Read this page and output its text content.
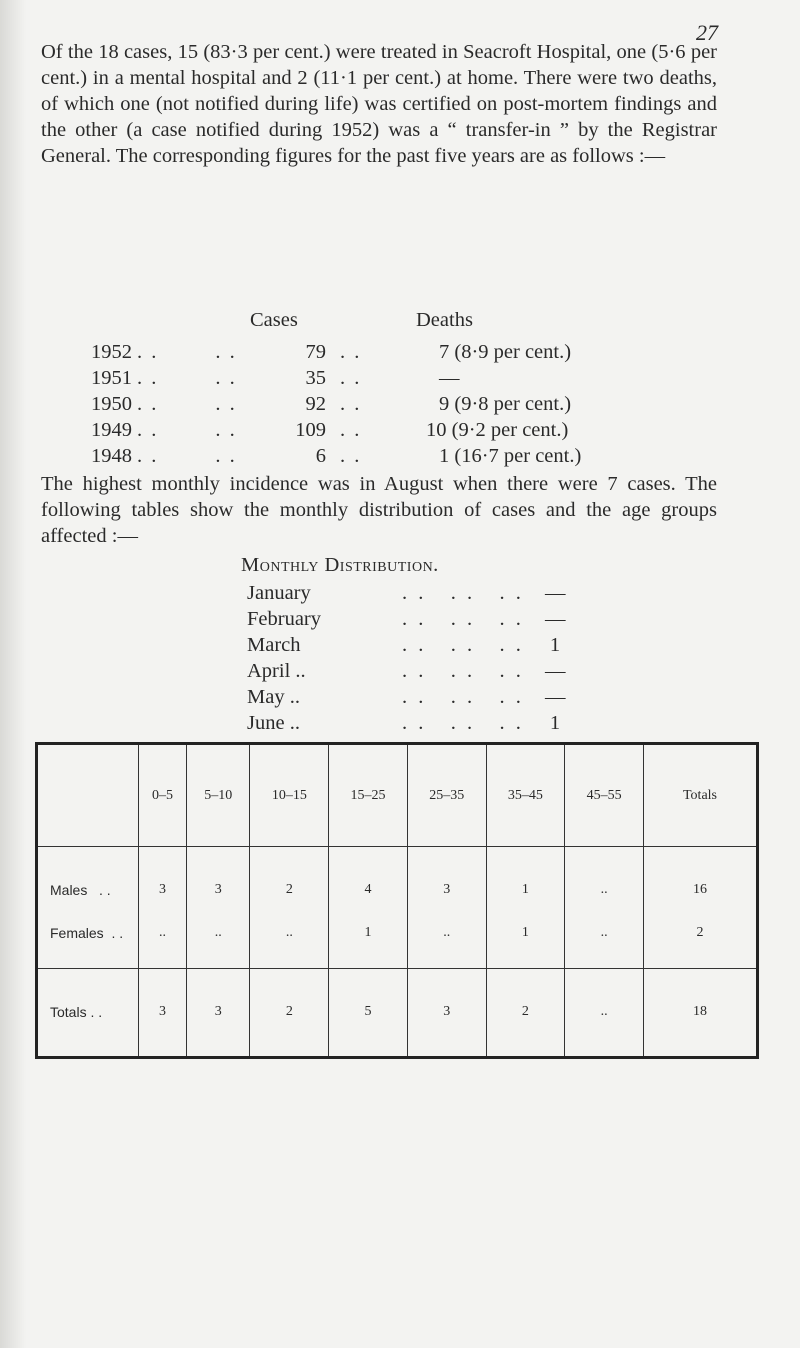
27

Of the 18 cases, 15 (83·3 per cent.) were treated in Seacroft Hospital, one (5·6 per cent.) in a mental hospital and 2 (11·1 per cent.) at home. There were two deaths, of which one (not notified during life) was certified on post-mortem findings and the other (a case notified during 1952) was a “ transfer-in ” by the Registrar General. The corresponding figures for the past five years are as follows :—

Cases	Deaths
1952 . .        . .	79 . .	7 (8·9 per cent.)
1951 . .        . .	35 . .	—
1950 . .        . .	92 . .	9 (9·8 per cent.)
1949 . .        . .	109 . .	10 (9·2 per cent.)
1948 . .        . .	6 . .	1 (16·7 per cent.)

The highest monthly incidence was in August when there were 7 cases. The following tables show the monthly distribution of cases and the age groups affected :—

Monthly Distribution.
January	. .   . .   . . —
February	. .   . .   . . —
March	. .   . .   . . 1
April ..	. .   . .   . . —
May ..	. .   . .   . . —
June ..	. .   . .   . . 1
	0–5	5–10	10–15	15–25	25–35	35–45	45–55	Totals
Males   . .	3	3	2	4	3	1	..	16
Females  . .	..	..	..	1	..	1	..	2
Totals . .	3	3	2	5	3	2	..	18
